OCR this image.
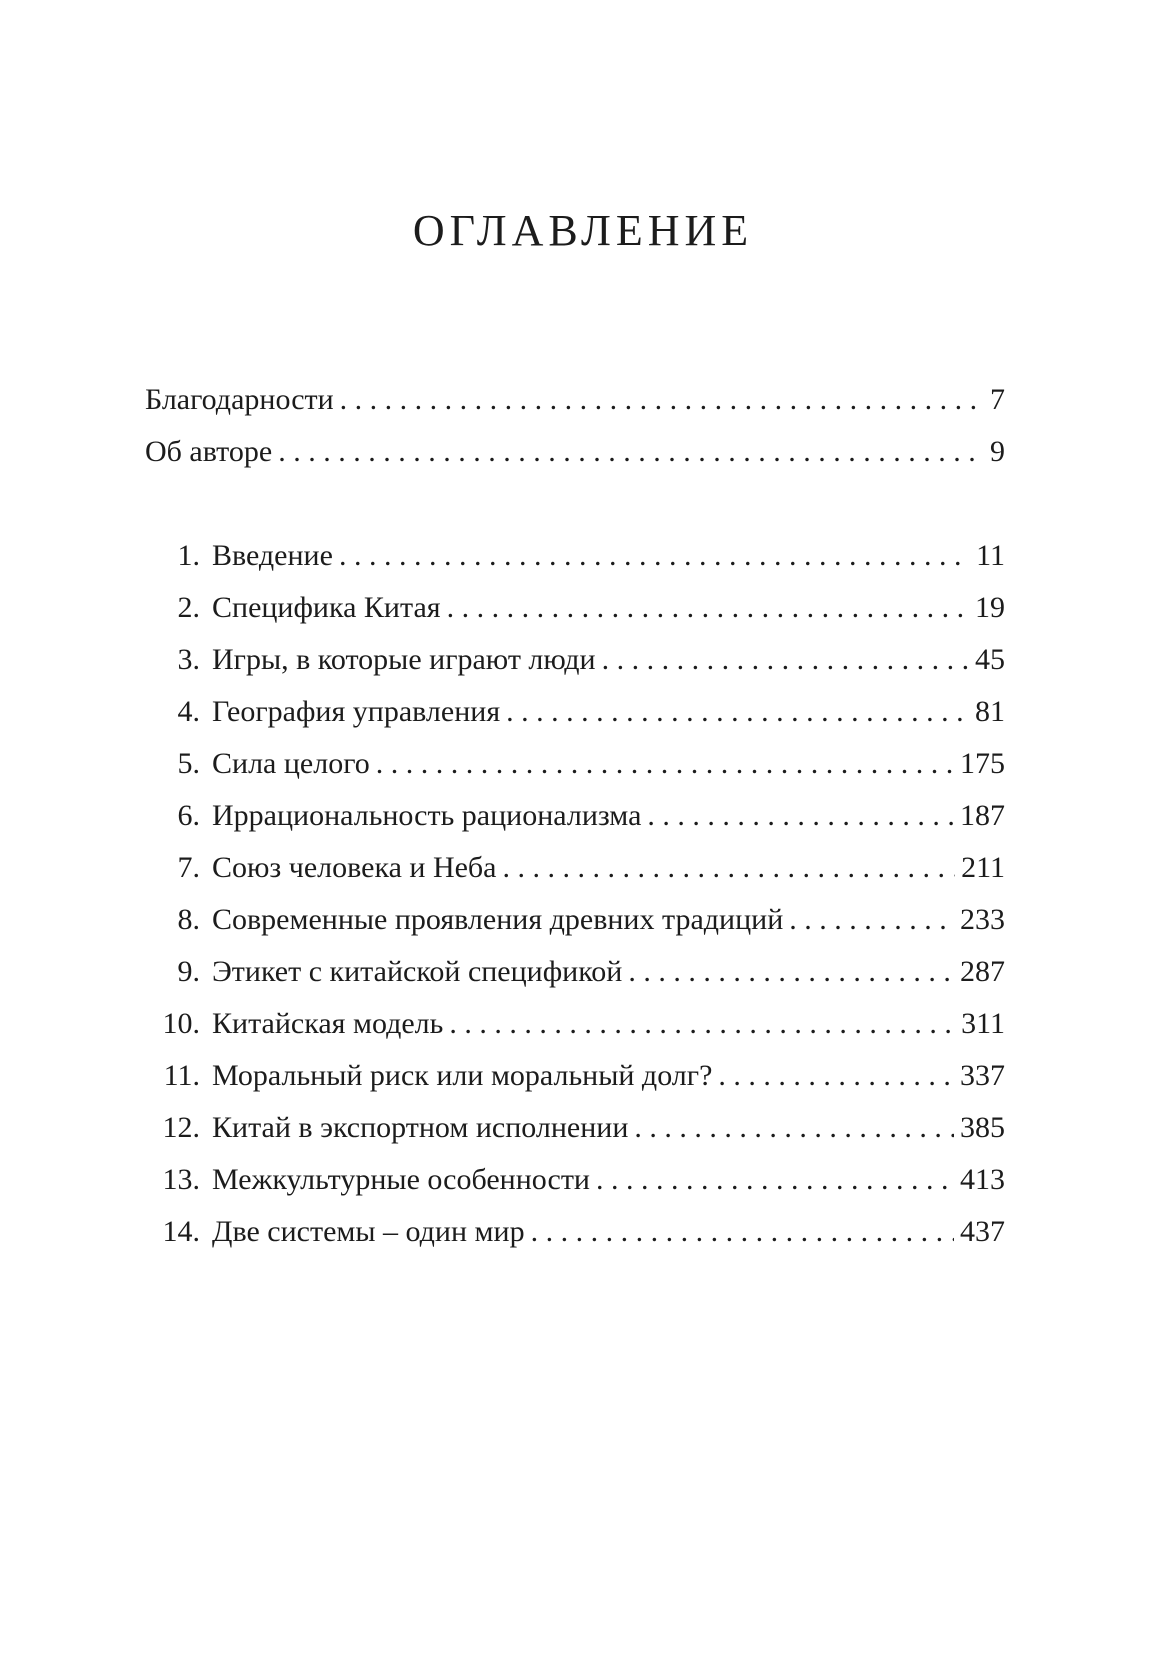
ОГЛАВЛЕНИЕ
Благодарности . . .	7
Об авторе . . .	9
1. Введение . . .	11
2. Специфика Китая . . .	19
3. Игры, в которые играют люди . . .	45
4. География управления . . .	81
5. Сила целого . . .	175
6. Иррациональность рационализма . . .	187
7. Союз человека и Неба . . .	211
8. Современные проявления древних традиций . . .	233
9. Этикет с китайской спецификой . . .	287
10. Китайская модель . . .	311
11. Моральный риск или моральный долг? . . .	337
12. Китай в экспортном исполнении . . .	385
13. Межкультурные особенности . . .	413
14. Две системы – один мир . . .	437
